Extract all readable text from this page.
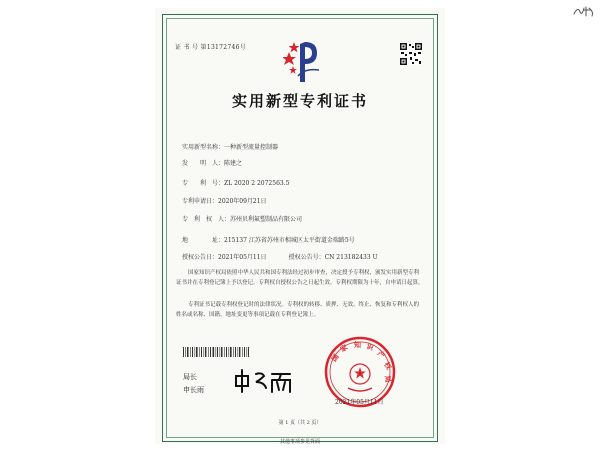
证 书 号 第13172746号
实用新型专利证书
实用新型名称：一种新型流量控制器
发　　明　人：陈建之
专　　利　号：ZL 2020 2 2072563.5
专利申请日：2020年09月21日
专　利　权　人：苏州贝利氟塑制品有限公司
地　　　　址：215137 江苏省苏州市相城区太平街道金瑞路5号
授权公告日：2021年05月11日	授权公告号：CN 213182433 U
国家知识产权局依照中华人民共和国专利法经过初步审查，决定授予专利权，颁发实用新型专利证书并在专利登记簿上予以登记。专利权自授权公告之日起生效。专利权期限为十年，自申请日起算。
专利证书记载专利权登记时的法律状况。专利权的转移、质押、无效、终止、恢复和专利权人的姓名或名称、国籍、地址变更等事项记载在专利登记簿上。
局长
申长雨
国
家 知 识
产
权
局
2021年05月11日
第 1 页（共 2 页）
其他事项参见背面
